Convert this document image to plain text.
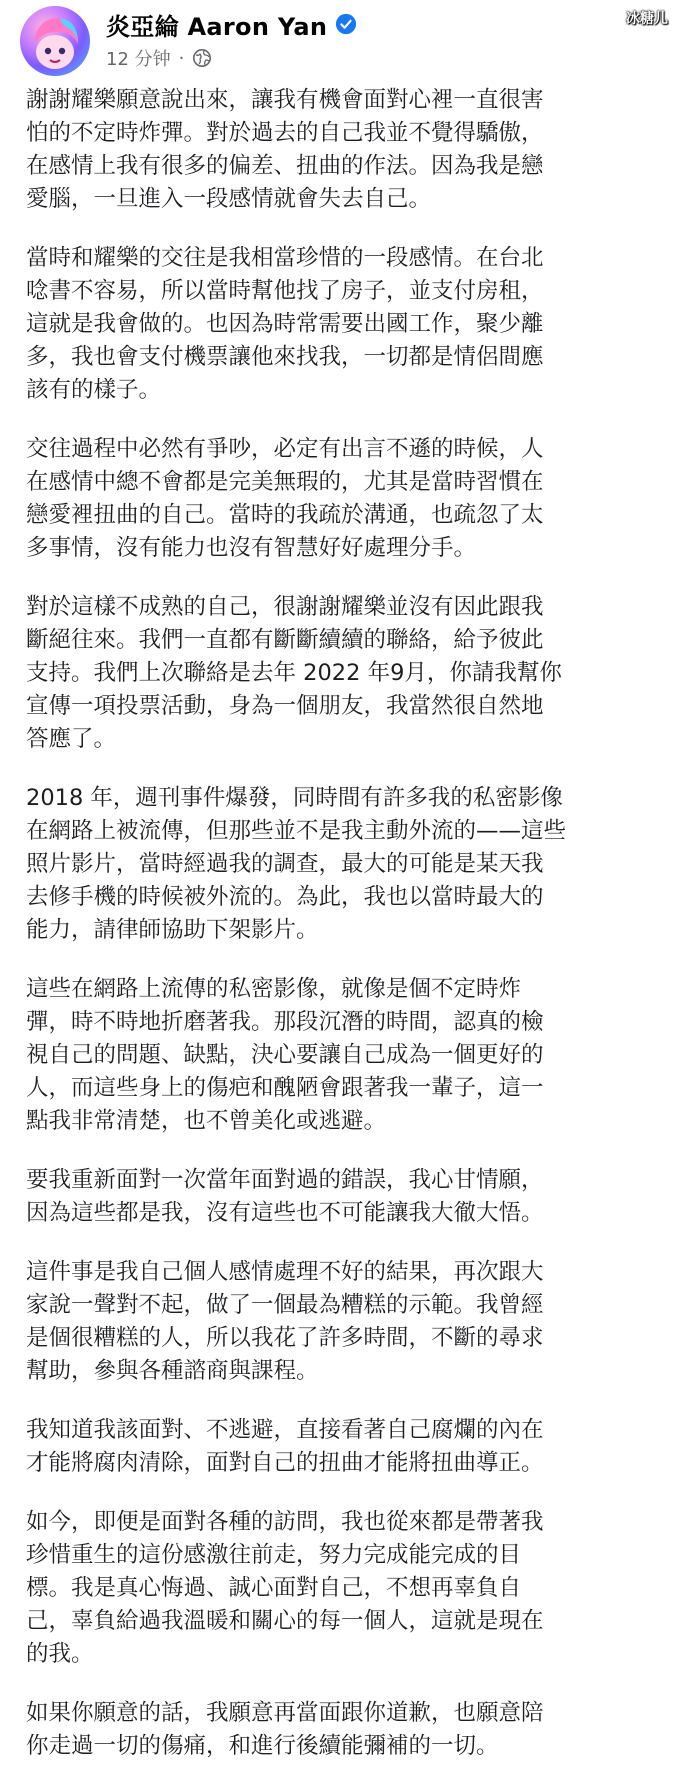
炎亞綸 Aaron Yan
12 分钟 ·
冰糖儿
謝謝耀樂願意說出來，讓我有機會面對心裡一直很害
怕的不定時炸彈。對於過去的自己我並不覺得驕傲，
在感情上我有很多的偏差、扭曲的作法。因為我是戀
愛腦，一旦進入一段感情就會失去自己。
當時和耀樂的交往是我相當珍惜的一段感情。在台北
唸書不容易，所以當時幫他找了房子，並支付房租，
這就是我會做的。也因為時常需要出國工作，聚少離
多，我也會支付機票讓他來找我，一切都是情侶間應
該有的樣子。
交往過程中必然有爭吵，必定有出言不遜的時候，人
在感情中總不會都是完美無瑕的，尤其是當時習慣在
戀愛裡扭曲的自己。當時的我疏於溝通，也疏忽了太
多事情，沒有能力也沒有智慧好好處理分手。
對於這樣不成熟的自己，很謝謝耀樂並沒有因此跟我
斷絕往來。我們一直都有斷斷續續的聯絡，給予彼此
支持。我們上次聯絡是去年 2022 年9月，你請我幫你
宣傳一項投票活動，身為一個朋友，我當然很自然地
答應了。
2018 年，週刊事件爆發，同時間有許多我的私密影像
在網路上被流傳，但那些並不是我主動外流的——這些
照片影片，當時經過我的調查，最大的可能是某天我
去修手機的時候被外流的。為此，我也以當時最大的
能力，請律師協助下架影片。
這些在網路上流傳的私密影像，就像是個不定時炸
彈，時不時地折磨著我。那段沉潛的時間，認真的檢
視自己的問題、缺點，決心要讓自己成為一個更好的
人，而這些身上的傷疤和醜陋會跟著我一輩子，這一
點我非常清楚，也不曾美化或逃避。
要我重新面對一次當年面對過的錯誤，我心甘情願，
因為這些都是我，沒有這些也不可能讓我大徹大悟。
這件事是我自己個人感情處理不好的結果，再次跟大
家說一聲對不起，做了一個最為糟糕的示範。我曾經
是個很糟糕的人，所以我花了許多時間，不斷的尋求
幫助，參與各種諮商與課程。
我知道我該面對、不逃避，直接看著自己腐爛的內在
才能將腐肉清除，面對自己的扭曲才能將扭曲導正。
如今，即便是面對各種的訪問，我也從來都是帶著我
珍惜重生的這份感激往前走，努力完成能完成的目
標。我是真心悔過、誠心面對自己，不想再辜負自
己，辜負給過我溫暖和關心的每一個人，這就是現在
的我。
如果你願意的話，我願意再當面跟你道歉，也願意陪
你走過一切的傷痛，和進行後續能彌補的一切。
